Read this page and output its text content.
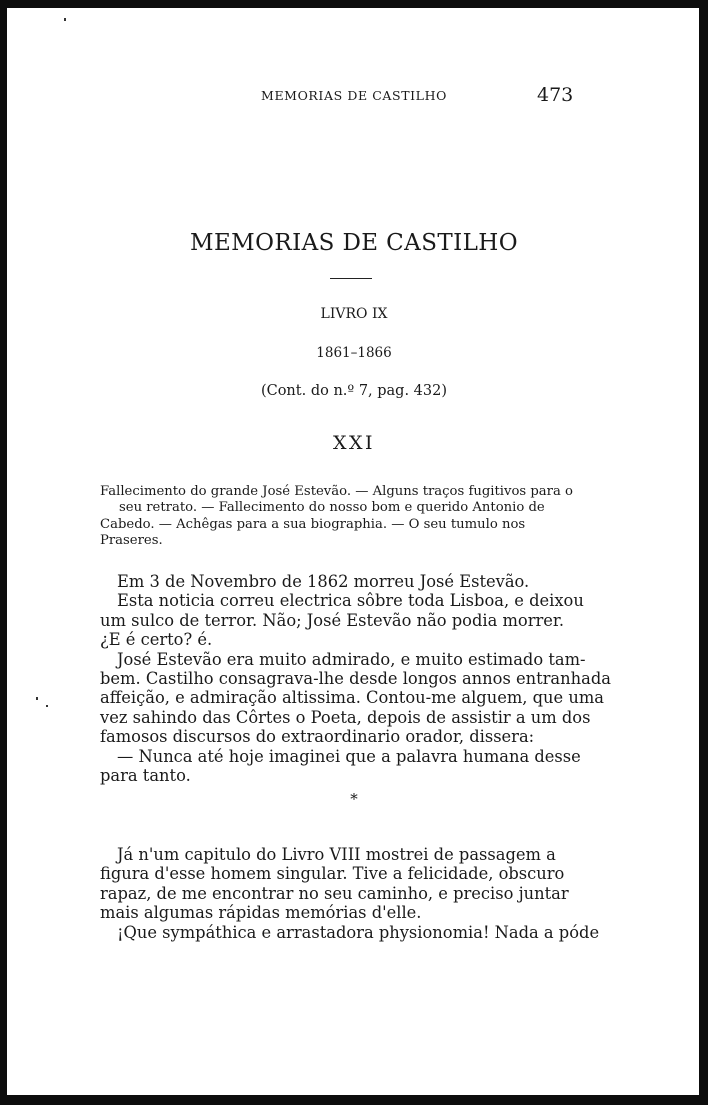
MEMORIAS DE CASTILHO	473
MEMORIAS DE CASTILHO
LIVRO IX
1861–1866
(Cont. do n.º 7, pag. 432)
XXI
Fallecimento do grande José Estevão. — Alguns traços fugitivos para o
seu retrato. — Fallecimento do nosso bom e querido Antonio de
Cabedo. — Achêgas para a sua biographia. — O seu tumulo nos
Praseres.
Em 3 de Novembro de 1862 morreu José Estevão.
Esta noticia correu electrica sôbre toda Lisboa, e deixou
um sulco de terror. Não; José Estevão não podia morrer.
¿E é certo? é.
José Estevão era muito admirado, e muito estimado tam-
bem. Castilho consagrava-lhe desde longos annos entranhada
affeição, e admiração altissima. Contou-me alguem, que uma
vez sahindo das Côrtes o Poeta, depois de assistir a um dos
famosos discursos do extraordinario orador, dissera:
— Nunca até hoje imaginei que a palavra humana desse
para tanto.
*
Já n'um capitulo do Livro VIII mostrei de passagem a
figura d'esse homem singular. Tive a felicidade, obscuro
rapaz, de me encontrar no seu caminho, e preciso juntar
mais algumas rápidas memórias d'elle.
¡Que sympáthica e arrastadora physionomia! Nada a póde
